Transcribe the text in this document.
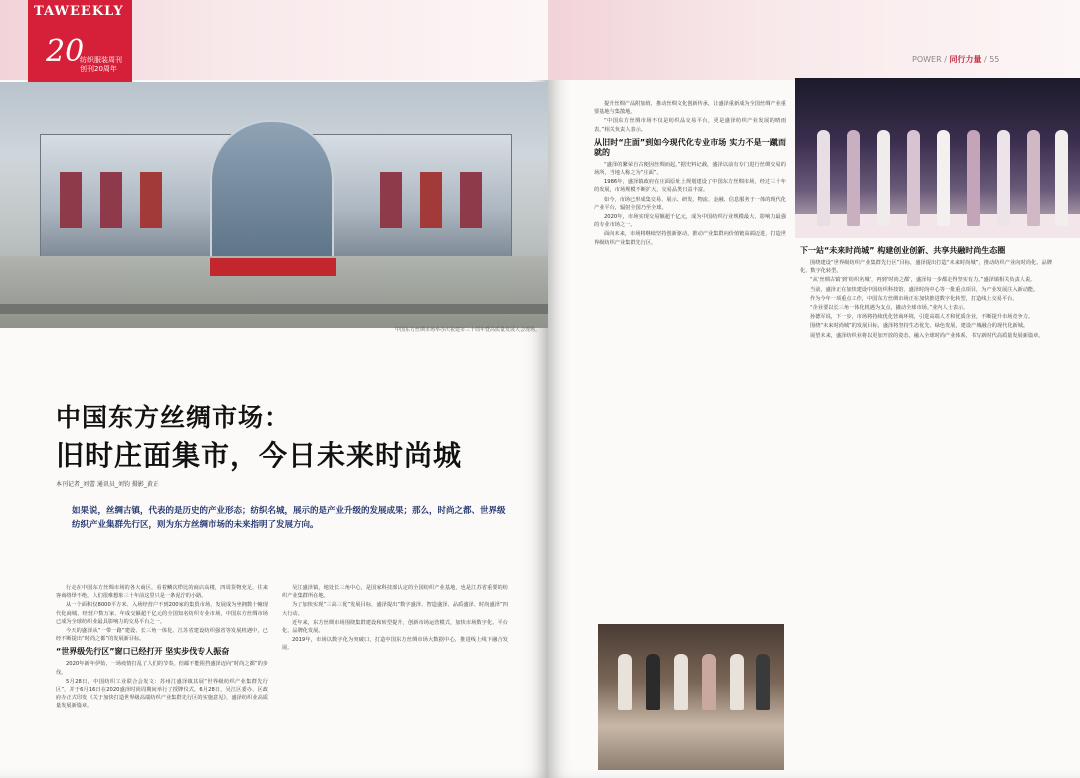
TAWEEKLY
20
纺织服装周刊 创刊20周年
中国东方丝绸市场举办庆祝建市三十周年暨高质量发展大会现场。
中国东方丝绸市场：
旧时庄面集市，今日未来时尚城
本刊记者_刘蕾 通讯员_刘钧 摄影_黄正
如果说，丝绸古镇，代表的是历史的产业形态；纺织名城，展示的是产业升级的发展成果；那么，时尚之都、世界级纺织产业集群先行区，则为东方丝绸市场的未来指明了发展方向。

行走在中国东方丝绸市场的各大商区，看着鳞次栉比的商店高楼，四周货物充足，往来客商络绎不绝，人们很难想象三十年前这里只是一条泥泞的小路。

从一个面积仅8000平方米、入场经营户不到200家的集贸市场，发展成为坐拥数十幢现代化商城、经营户数万家、年成交额超千亿元的全国知名纺织专业市场，中国东方丝绸市场已成为全球纺织业最具影响力的交易平台之一。

今天的盛泽从“一带一路”建设、长三角一体化、江苏省建设纺织强省等发展机遇中，已经不断提出“时尚之都”的发展新目标。

“世界级先行区”窗口已经打开 坚实步伐专人振奋

2020年新年伊始，一场疫情打乱了人们的节奏。但邮不能阻挡盛泽迈向“时尚之都”的步伐。

5月28日，中国纺织工业联合会发文：苏州江盛泽镇其展“世界级纺织产业集群先行区”，并于6月16日在2020盛泽时尚周期间举行了授牌仪式。6月28日，吴江区委办、区政府办正式印发《关于加快打造世界级高端纺织产业集群先行区的实施意见》，盛泽纺织业高质量发展新篇章。

吴江盛泽镇，地处长三角中心，是国家科技部认定的全国纺织产业基地，也是江苏省重要的纺织产业集群所在地。

为了加快实现“三高三优”发展目标，盛泽提出“数字盛泽、智造盛泽、品质盛泽、时尚盛泽”四大行动。

近年来，东方丝绸市场围绕集群建设和转型提升，创新市场运营模式，加快市场数字化、平台化、品牌化发展。

2019年，市场以数字化为突破口，打造中国东方丝绸市场大数据中心，推进线上线下融合发展。

POWER / 同行力量 / 55

提升丝绸产品附加值，推动丝绸文化创新传承，让盛泽重新成为全国丝绸产业重要基地与集散地。

“中国东方丝绸市场不仅是纺织品交易平台，更是盛泽纺织产业发展的晴雨表。”相关负责人表示。

从旧时“庄面”到如今现代化专业市场 实力不是一蹴而就的

“盛泽的繁荣自古便因丝绸而起。”据史料记载，盛泽以前有专门进行丝绸交易的场所，当地人称之为“庄面”。

1986年，盛泽镇政府在庄面原址上规划建设了中国东方丝绸市场，经过三十年的发展，市场规模不断扩大，交易品类日益丰富。

如今，市场已形成集交易、展示、研发、物流、金融、信息服务于一体的现代化产业平台，辐射全国乃至全球。

2020年，市场实现交易额超千亿元，成为中国纺织行业规模最大、影响力最强的专业市场之一。

面向未来，市场将继续坚持创新驱动，推动产业集群向价值链高端迈进，打造世界级纺织产业集群先行区。

下一站“未来时尚城” 构建创业创新、共享共融时尚生态圈

围绕建设“世界级纺织产业集群先行区”目标，盛泽提出打造“未来时尚城”，推动纺织产业向时尚化、品牌化、数字化转型。

“从‘丝绸古镇’到‘纺织名城’，再到‘时尚之都’，盛泽每一步都走得坚实有力。”盛泽镇相关负责人说。

当前，盛泽正在加快建设中国纺织科技馆、盛泽时尚中心等一批重点项目，为产业发展注入新动能。

作为今年一项重点工作，中国东方丝绸市场正在加快推进数字化转型，打造线上交易平台。

“企业要以长三角一体化机遇为支点，撬动全球市场。”业内人士表示。

孙德军说，下一步，市场将持续优化营商环境，引进高端人才和优质企业，不断提升市场竞争力。

围绕“未来时尚城”的发展目标，盛泽将坚持生态优先、绿色发展，建设产城融合的现代化新城。

展望未来，盛泽纺织业将以更加开放的姿态，融入全球时尚产业体系，书写新时代高质量发展新篇章。
